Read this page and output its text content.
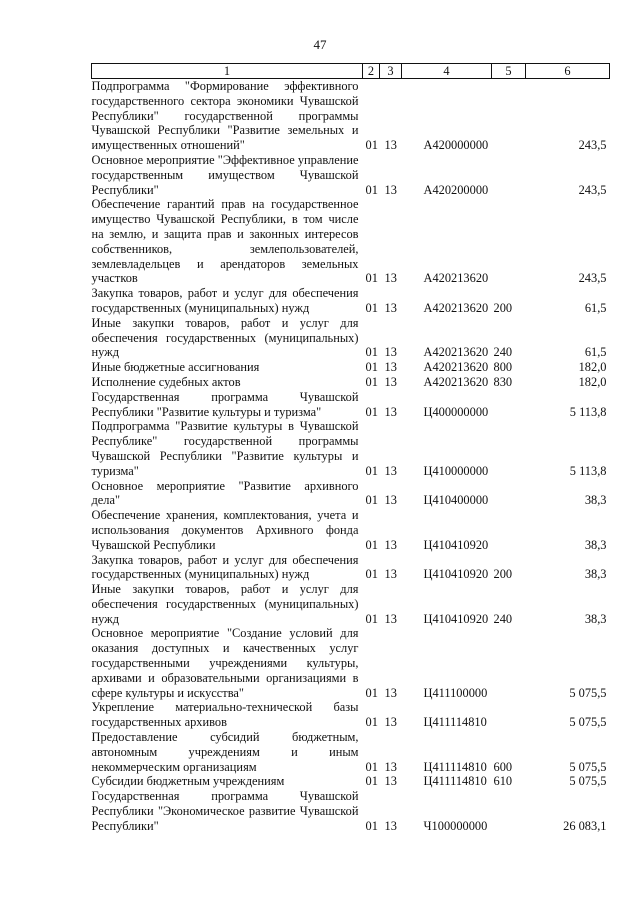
47
1	2	3	4	5	6
Подпрограмма "Формирование эффективного государственного сектора экономики Чувашской Республики" государственной программы Чувашской Республики "Развитие земельных и имущественных отношений"	01	13	А420000000		243,5
Основное мероприятие "Эффективное управление государственным имуществом Чувашской Республики"	01	13	А420200000		243,5
Обеспечение гарантий прав на государственное имущество Чувашской Республики, в том числе на землю, и защита прав и законных интересов собственников, землепользователей, землевладельцев и арендаторов земельных участков	01	13	А420213620		243,5
Закупка товаров, работ и услуг для обеспечения государственных (муниципальных) нужд	01	13	А420213620	200	61,5
Иные закупки товаров, работ и услуг для обеспечения государственных (муниципальных) нужд	01	13	А420213620	240	61,5
Иные бюджетные ассигнования	01	13	А420213620	800	182,0
Исполнение судебных актов	01	13	А420213620	830	182,0
Государственная программа Чувашской Республики "Развитие культуры и туризма"	01	13	Ц400000000		5 113,8
Подпрограмма "Развитие культуры в Чувашской Республике" государственной программы Чувашской Республики "Развитие культуры и туризма"	01	13	Ц410000000		5 113,8
Основное мероприятие "Развитие архивного дела"	01	13	Ц410400000		38,3
Обеспечение хранения, комплектования, учета и использования документов Архивного фонда Чувашской Республики	01	13	Ц410410920		38,3
Закупка товаров, работ и услуг для обеспечения государственных (муниципальных) нужд	01	13	Ц410410920	200	38,3
Иные закупки товаров, работ и услуг для обеспечения государственных (муниципальных) нужд	01	13	Ц410410920	240	38,3
Основное мероприятие "Создание условий для оказания доступных и качественных услуг государственными учреждениями культуры, архивами и образовательными организациями в сфере культуры и искусства"	01	13	Ц411100000		5 075,5
Укрепление материально-технической базы государственных архивов	01	13	Ц411114810		5 075,5
Предоставление субсидий бюджетным, автономным учреждениям и иным некоммерческим организациям	01	13	Ц411114810	600	5 075,5
Субсидии бюджетным учреждениям	01	13	Ц411114810	610	5 075,5
Государственная программа Чувашской Республики "Экономическое развитие Чувашской Республики"	01	13	Ч100000000		26 083,1
